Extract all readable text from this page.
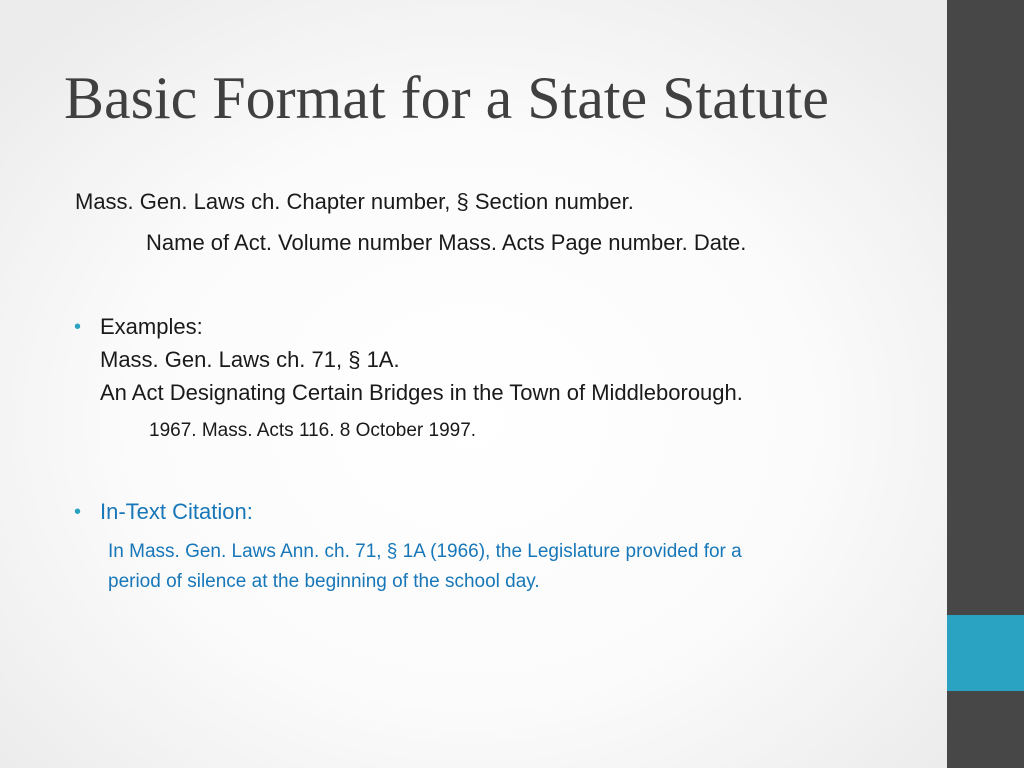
Basic Format for a State Statute

Mass. Gen. Laws ch. Chapter number, § Section number.

Name of Act. Volume number Mass. Acts Page number. Date.

• Examples:

Mass. Gen. Laws ch. 71, § 1A.

An Act Designating Certain Bridges in the Town of Middleborough.

1967. Mass. Acts 116. 8 October 1997.

• In-Text Citation:

In Mass. Gen. Laws Ann. ch. 71, § 1A (1966), the Legislature provided for a

period of silence at the beginning of the school day.
